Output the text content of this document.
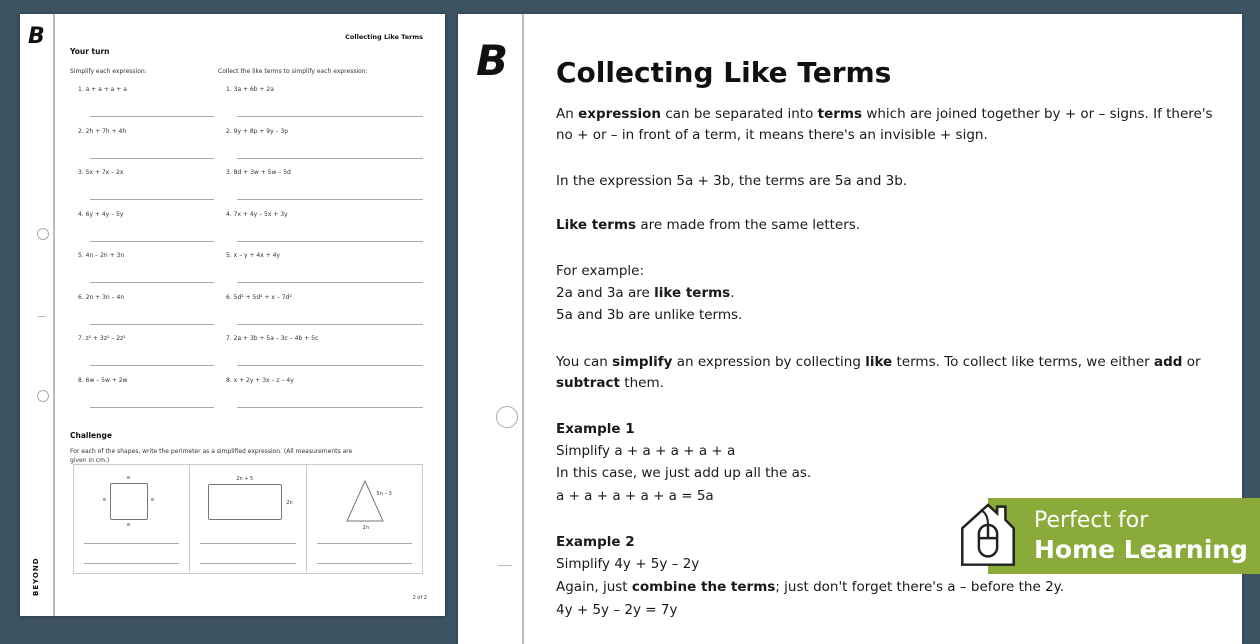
B	Collecting Like Terms
Your turn
Simplify each expression:	Collect the like terms to simplify each expression:
Challenge
For each of the shapes, write the perimeter as a simplified expression. (All measurements are
given in cm.)
e
e
e	e
2n + 5
2n
5n – 3
2n
BEYOND
2 of 2
1. a + a + a + a
2. 2h + 7h + 4h
3. 5x + 7x – 2x
4. 6y + 4y – 5y
5. 4n – 2n + 3n
6. 2n + 3n – 4n
7. z² + 3z² – 2z²
8. 6w – 5w + 2w
1. 3a + 6b + 2a
2. 9y + 8p + 9y – 3p
3. 8d + 3w + 5w – 5d
4. 7x + 4y – 5x + 3y
5. x – y + 4x + 4y
6. 5d² + 5d² + x – 7d²
7. 2a + 3b + 5a – 3c – 4b + 5c
8. x + 2y + 3x – z – 4y
B Collecting Like Terms
An expression can be separated into terms which are joined together by + or – signs. If there's
no + or – in front of a term, it means there's an invisible + sign.
In the expression 5a + 3b, the terms are 5a and 3b.
Like terms are made from the same letters.
For example:
2a and 3a are like terms.
5a and 3b are unlike terms.
You can simplify an expression by collecting like terms. To collect like terms, we either add or
subtract them.
Example 1
Simplify a + a + a + a + a
In this case, we just add up all the as.
a + a + a + a + a = 5a
Example 2
Simplify 4y + 5y – 2y
Again, just combine the terms; just don't forget there's a – before the 2y.
4y + 5y – 2y = 7y
Perfect for
Home Learning
